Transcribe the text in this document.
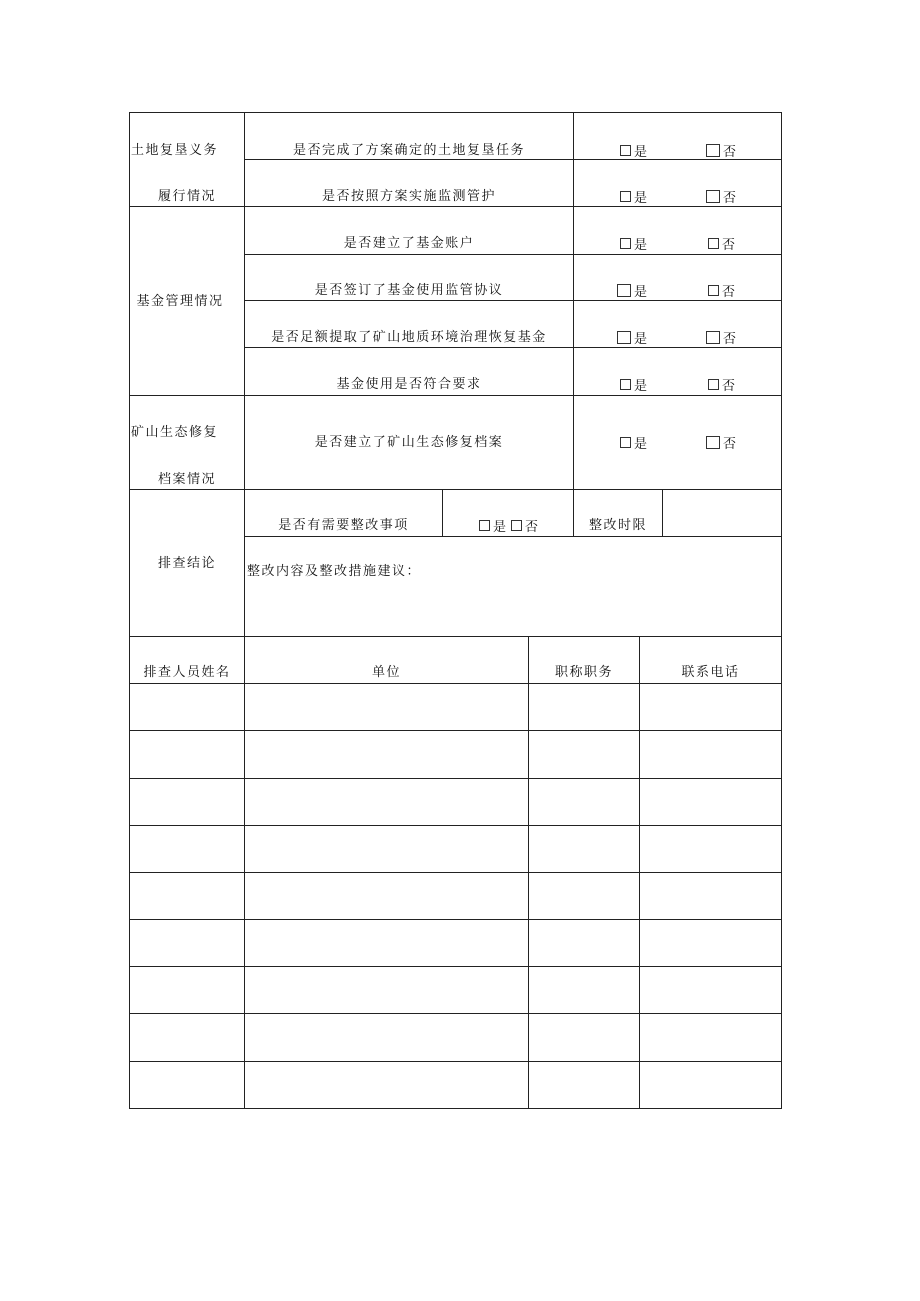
土地复垦义务
履行情况
是否完成了方案确定的土地复垦任务	是	否
是否按照方案实施监测管护	是	否
基金管理情况
是否建立了基金账户	是	否
是否签订了基金使用监管协议	是	否
是否足额提取了矿山地质环境治理恢复基金	是	否
基金使用是否符合要求	是	否
矿山生态修复
档案情况
是否建立了矿山生态修复档案	是	否
排查结论
是否有需要整改事项	是 否	整改时限
整改内容及整改措施建议：
排查人员姓名	单位	职称职务	联系电话
